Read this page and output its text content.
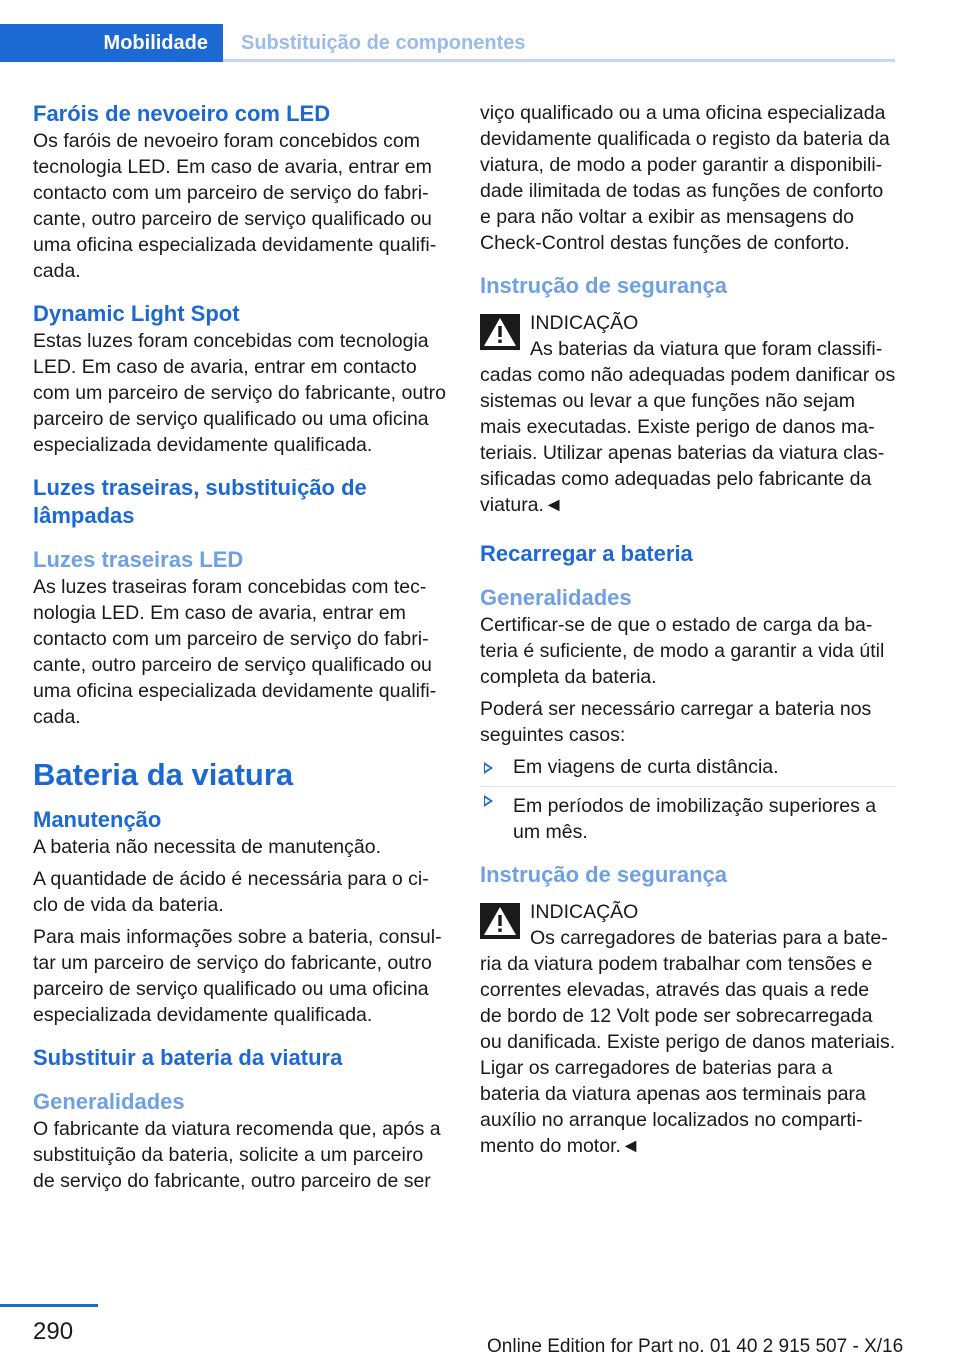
Mobilidade	Substituição de componentes
Faróis de nevoeiro com LED

Os faróis de nevoeiro foram concebidos com tecnologia LED. Em caso de avaria, entrar em contacto com um parceiro de serviço do fabricante, outro parceiro de serviço qualificado ou uma oficina especializada devidamente qualificada.

Dynamic Light Spot

Estas luzes foram concebidas com tecnologia LED. Em caso de avaria, entrar em contacto com um parceiro de serviço do fabricante, outro parceiro de serviço qualificado ou uma oficina especializada devidamente qualificada.

Luzes traseiras, substituição de lâmpadas
Luzes traseiras LED

As luzes traseiras foram concebidas com tecnologia LED. Em caso de avaria, entrar em contacto com um parceiro de serviço do fabricante, outro parceiro de serviço qualificado ou uma oficina especializada devidamente qualificada.

Bateria da viatura
Manutenção

A bateria não necessita de manutenção.

A quantidade de ácido é necessária para o ciclo de vida da bateria.

Para mais informações sobre a bateria, consultar um parceiro de serviço do fabricante, outro parceiro de serviço qualificado ou uma oficina especializada devidamente qualificada.

Substituir a bateria da viatura
Generalidades

O fabricante da viatura recomenda que, após a substituição da bateria, solicite a um parceiro de serviço do fabricante, outro parceiro de ser

viço qualificado ou a uma oficina especializada devidamente qualificada o registo da bateria da viatura, de modo a poder garantir a disponibilidade ilimitada de todas as funções de conforto e para não voltar a exibir as mensagens do Check-Control destas funções de conforto.

Instrução de segurança
INDICAÇÃO
As baterias da viatura que foram classificadas como não adequadas podem danificar os sistemas ou levar a que funções não sejam mais executadas. Existe perigo de danos materiais. Utilizar apenas baterias da viatura classificadas como adequadas pelo fabricante da viatura.◄
Recarregar a bateria
Generalidades

Certificar-se de que o estado de carga da bateria é suficiente, de modo a garantir a vida útil completa da bateria.

Poderá ser necessário carregar a bateria nos seguintes casos:

Em viagens de curta distância.
Em períodos de imobilização superiores a um mês.
Instrução de segurança
INDICAÇÃO
Os carregadores de baterias para a bateria da viatura podem trabalhar com tensões e correntes elevadas, através das quais a rede de bordo de 12 Volt pode ser sobrecarregada ou danificada. Existe perigo de danos materiais. Ligar os carregadores de baterias para a bateria da viatura apenas aos terminais para auxílio no arranque localizados no compartimento do motor.◄
290
Online Edition for Part no. 01 40 2 915 507 - X/16
